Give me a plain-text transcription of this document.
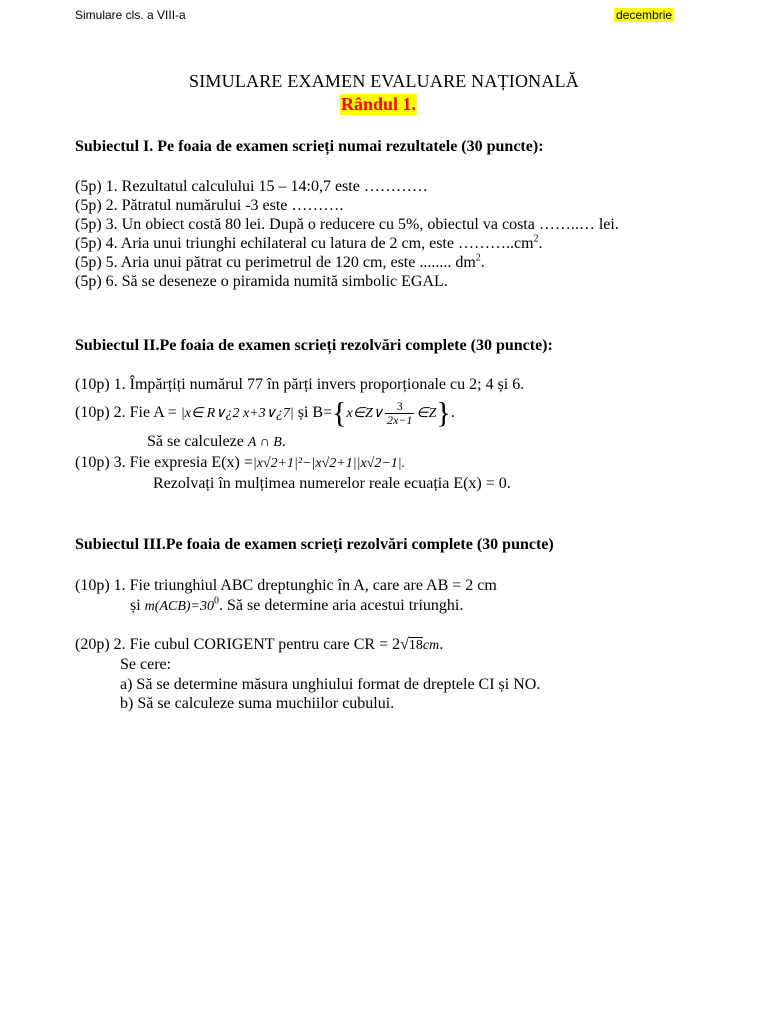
Simulare cls. a VIII-a	decembrie
SIMULARE EXAMEN EVALUARE NAȚIONALĂ
Rândul 1.
Subiectul I. Pe foaia de examen scrieți numai rezultatele (30 puncte):
(5p) 1. Rezultatul calculului 15 – 14:0,7 este …………
(5p) 2. Pătratul numărului -3 este ……….
(5p) 3. Un obiect costă 80 lei. După o reducere cu 5%, obiectul va costa ……..… lei.
(5p) 4. Aria unui triunghi echilateral cu latura de 2 cm, este $\dots\dots\dots..cm^2$.
(5p) 5. Aria unui pătrat cu perimetrul de 120 cm, este ........ $dm^2$.
(5p) 6. Să se deseneze o piramida numită simbolic EGAL.
Subiectul II.Pe foaia de examen scrieți rezolvări complete (30 puncte):
(10p) 1. Împărțiți numărul 77 în părți invers proporționale cu 2; 4 și 6.
(10p) 2. Fie A = |x∈ R∨¿2 x+3∨¿7| și B={x∈Z∨ $\frac{3}{2x-1}$ ∈Z}.
Să se calculeze A ∩ B.
(10p) 3. Fie expresia E(x) =|x√2+1|²−|x√2+1||x√2−1|.
Rezolvați în mulțimea numerelor reale ecuația E(x) = 0.
Subiectul III.Pe foaia de examen scrieți rezolvări complete (30 puncte)
(10p) 1. Fie triunghiul ABC dreptunghic în A, care are AB = 2 cm
și $m(ACB)=30^0$. Să se determine aria acestui triunghi.
(20p) 2. Fie cubul CORIGENT pentru care CR = 2√18cm.
Se cere:
a) Să se determine măsura unghiului format de dreptele CI și NO.
b) Să se calculeze suma muchiilor cubului.
